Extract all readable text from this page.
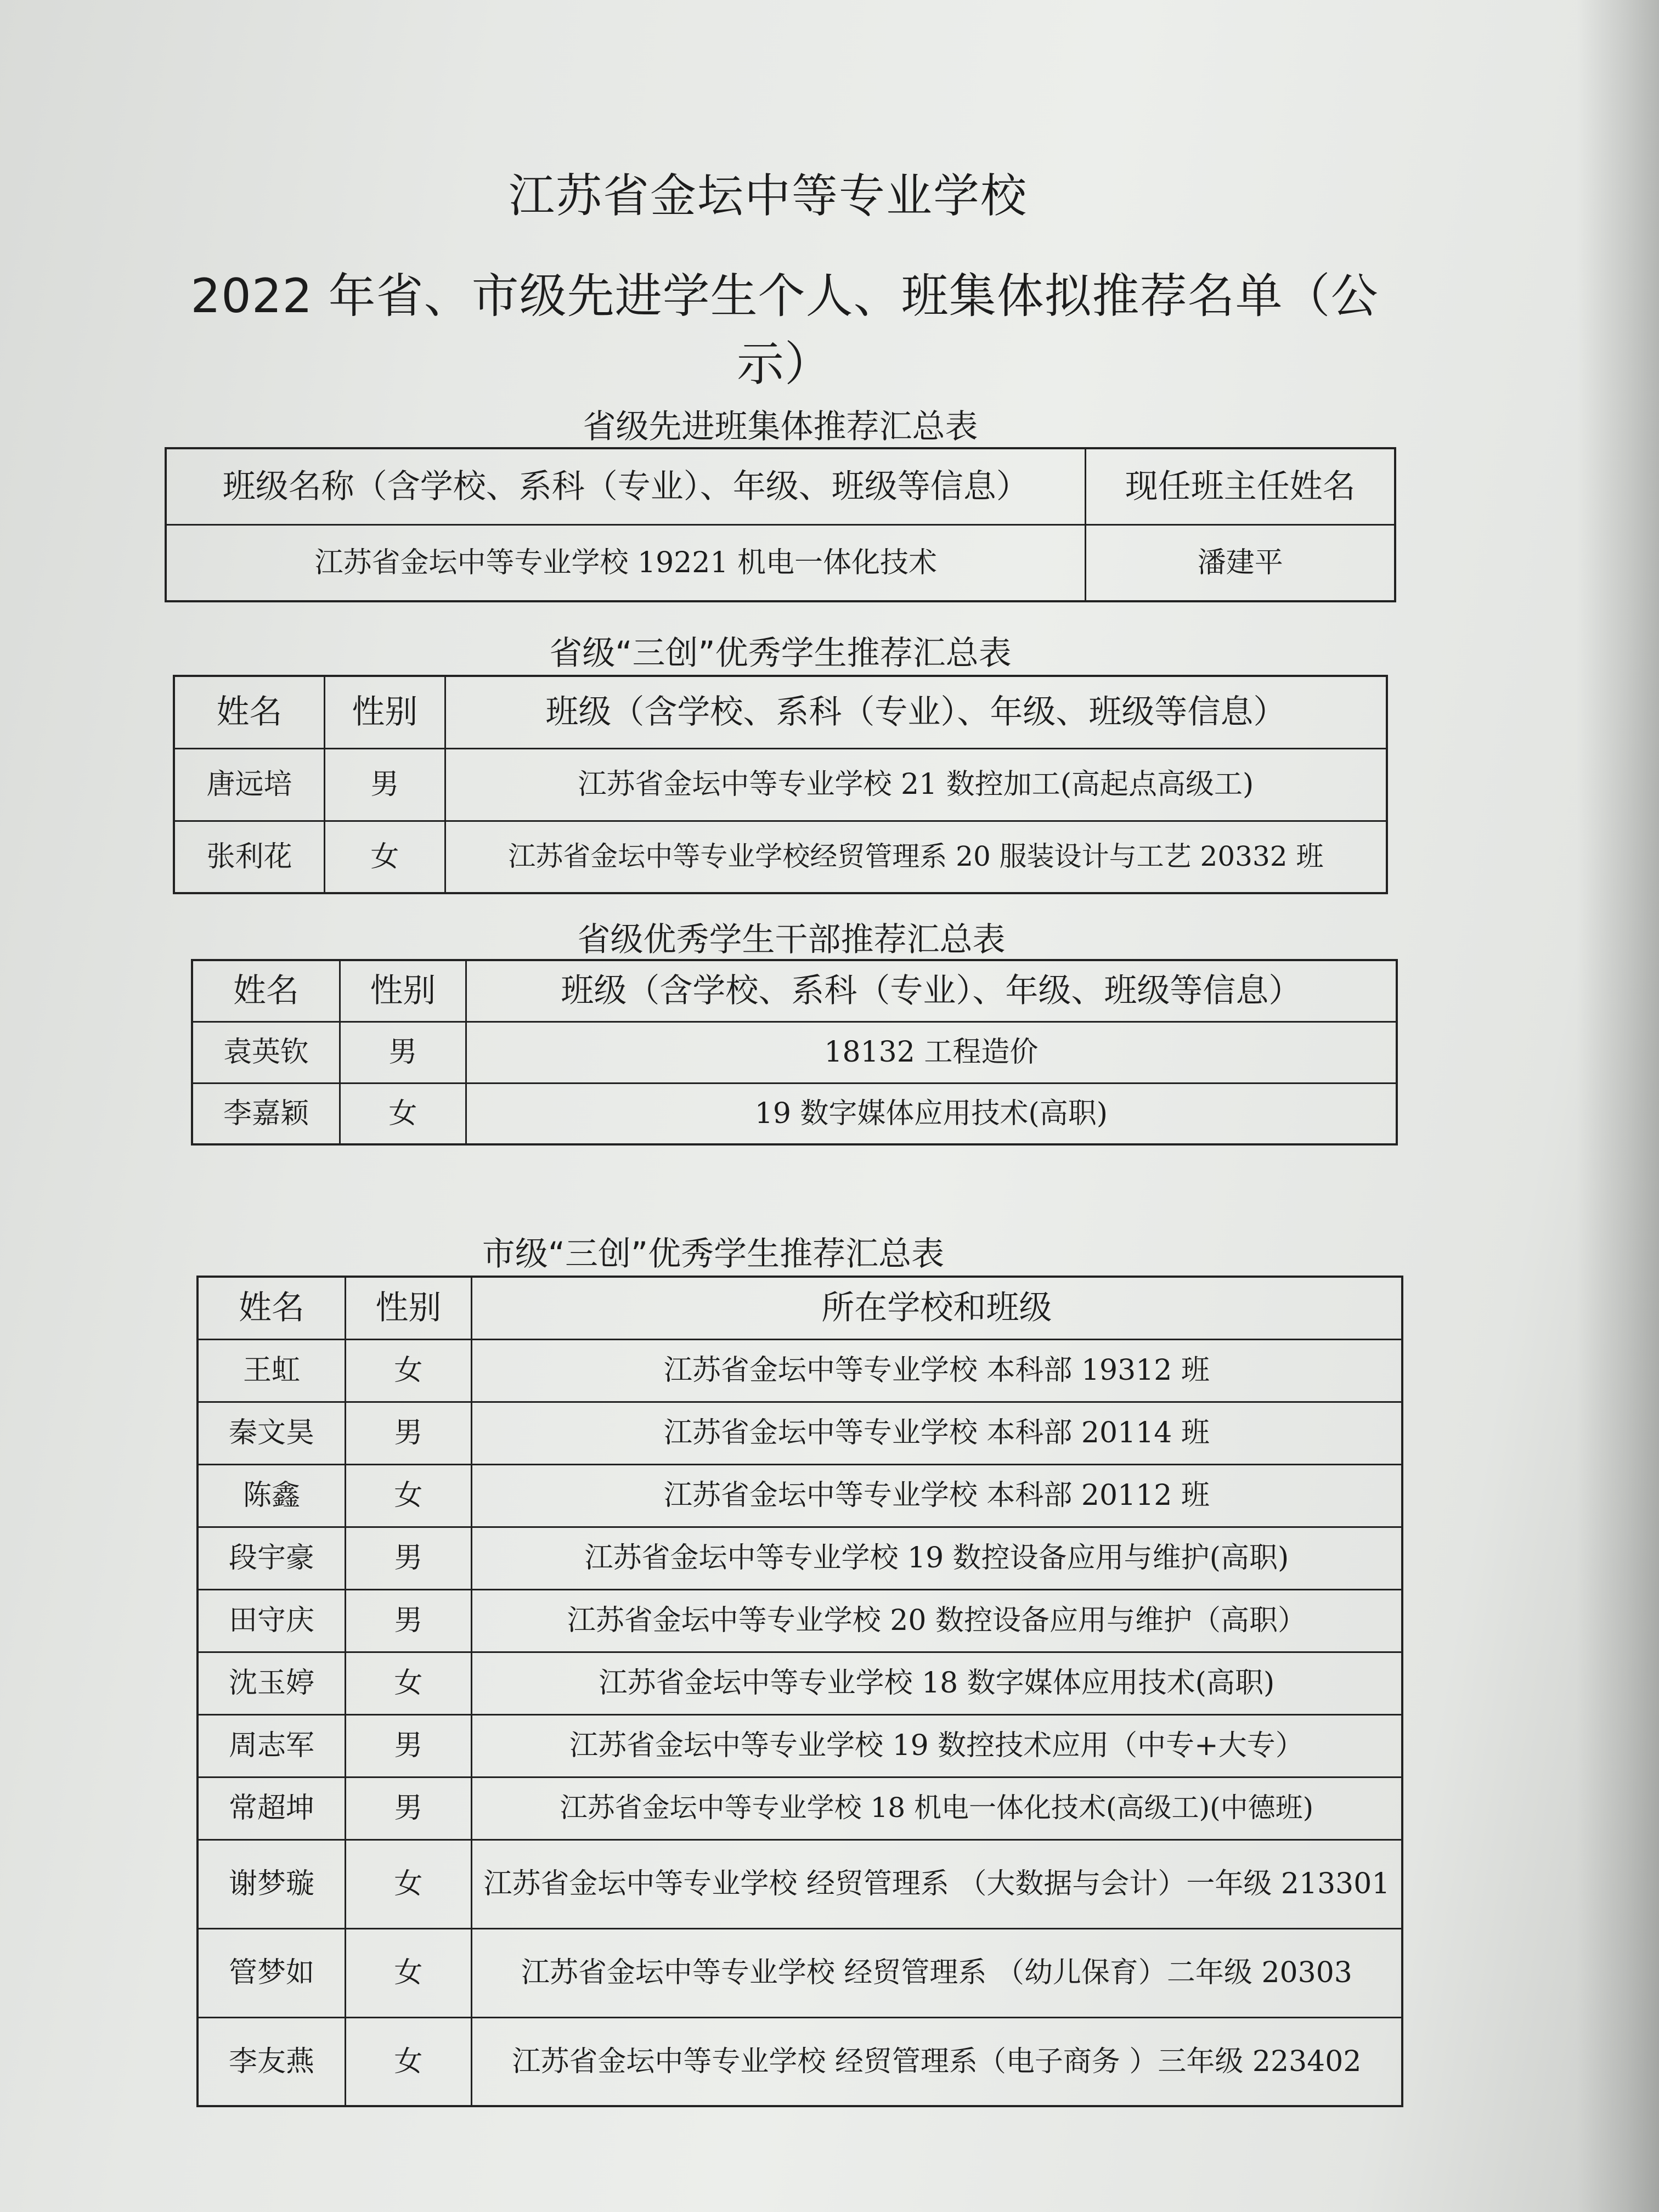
江苏省金坛中等专业学校
2022 年省、市级先进学生个人、班集体拟推荐名单（公示）
省级先进班集体推荐汇总表
班级名称（含学校、系科（专业）、年级、班级等信息）	现任班主任姓名
江苏省金坛中等专业学校 19221 机电一体化技术	潘建平
省级“三创”优秀学生推荐汇总表
姓名	性别	班级（含学校、系科（专业）、年级、班级等信息）
唐远培	男	江苏省金坛中等专业学校 21 数控加工(高起点高级工)
张利花	女	江苏省金坛中等专业学校经贸管理系 20 服装设计与工艺 20332 班
省级优秀学生干部推荐汇总表
姓名	性别	班级（含学校、系科（专业）、年级、班级等信息）
袁英钦	男	18132 工程造价
李嘉颖	女	19 数字媒体应用技术(高职)
市级“三创”优秀学生推荐汇总表
姓名	性别	所在学校和班级
王虹	女	江苏省金坛中等专业学校 本科部 19312 班
秦文昊	男	江苏省金坛中等专业学校 本科部 20114 班
陈鑫	女	江苏省金坛中等专业学校 本科部 20112 班
段宇豪	男	江苏省金坛中等专业学校 19 数控设备应用与维护(高职)
田守庆	男	江苏省金坛中等专业学校 20 数控设备应用与维护（高职）
沈玉婷	女	江苏省金坛中等专业学校 18 数字媒体应用技术(高职)
周志军	男	江苏省金坛中等专业学校 19 数控技术应用（中专+大专）
常超坤	男	江苏省金坛中等专业学校 18 机电一体化技术(高级工)(中德班)
谢梦璇	女	江苏省金坛中等专业学校 经贸管理系 （大数据与会计）一年级 213301
管梦如	女	江苏省金坛中等专业学校 经贸管理系 （幼儿保育）二年级 20303
李友燕	女	江苏省金坛中等专业学校 经贸管理系（电子商务 ）三年级 223402
